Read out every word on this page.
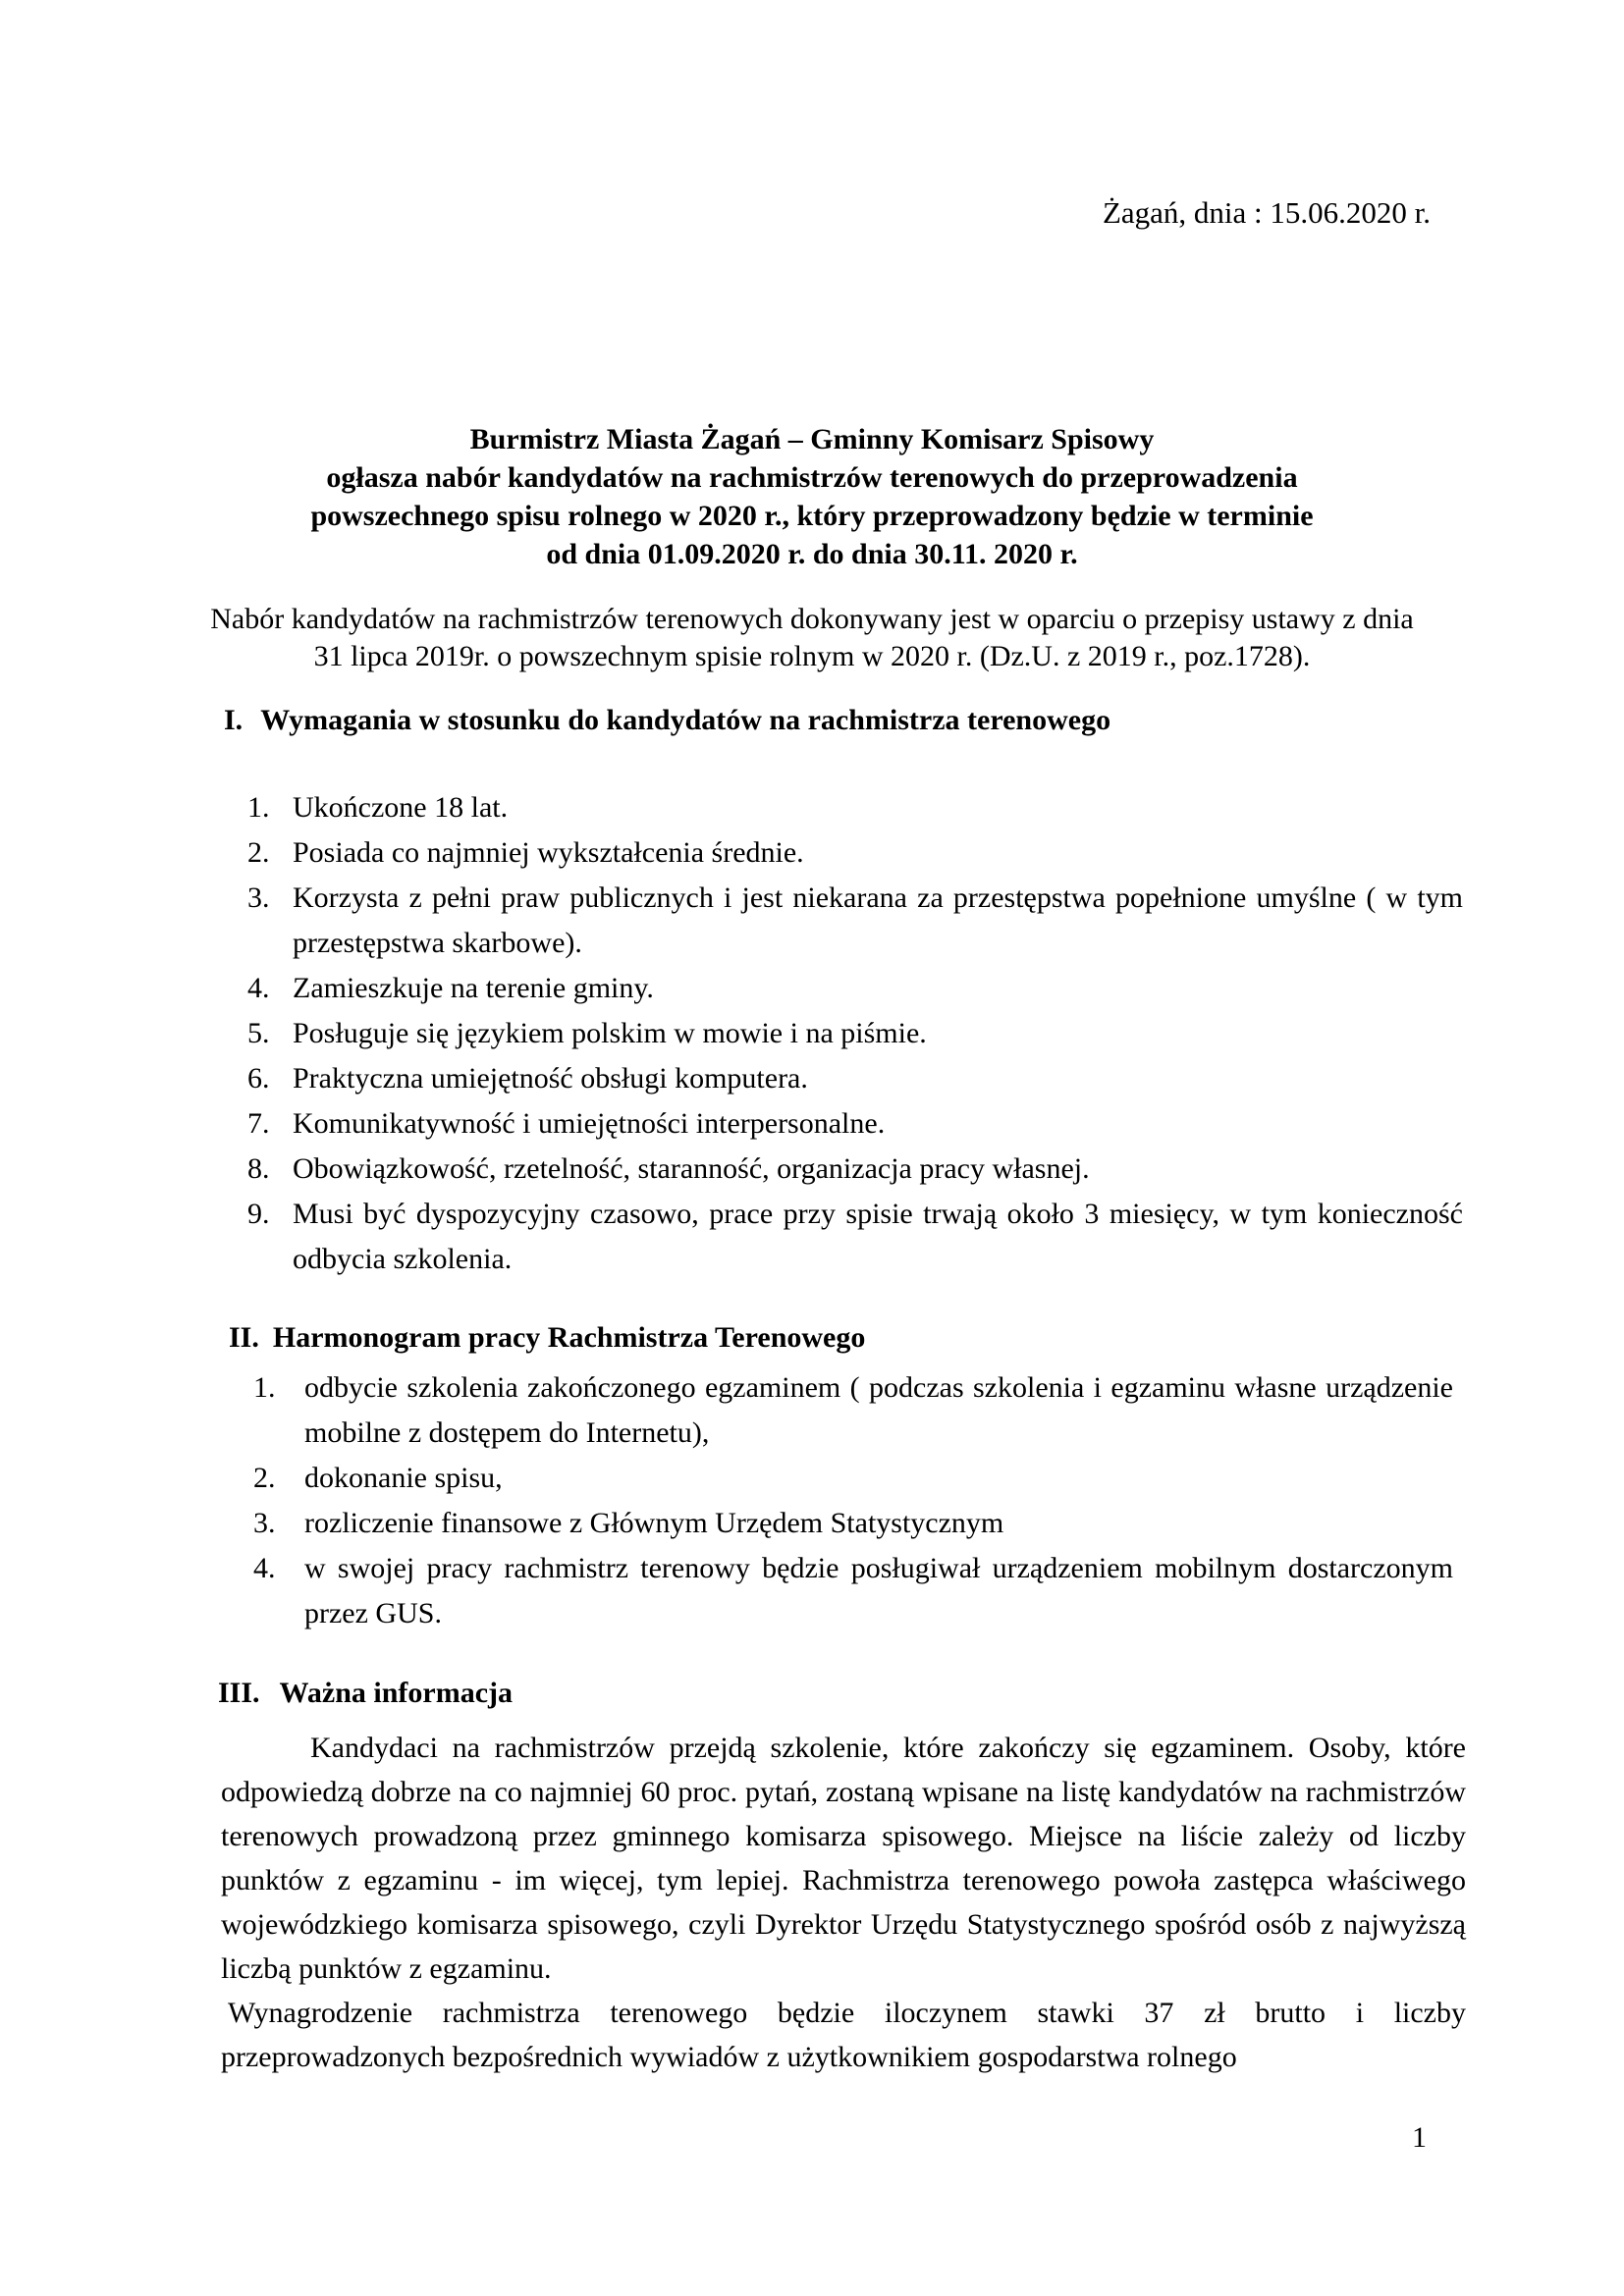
Żagań, dnia : 15.06.2020 r.
Burmistrz Miasta Żagań – Gminny Komisarz Spisowy
ogłasza nabór kandydatów na rachmistrzów terenowych do przeprowadzenia
powszechnego spisu rolnego w 2020 r., który przeprowadzony będzie w terminie
od dnia 01.09.2020 r. do dnia 30.11. 2020 r.
Nabór kandydatów na rachmistrzów terenowych dokonywany jest w oparciu o przepisy ustawy z dnia
31 lipca 2019r. o powszechnym spisie rolnym w 2020 r. (Dz.U. z 2019 r., poz.1728).
I. Wymagania w stosunku do kandydatów na rachmistrza terenowego
1. Ukończone 18 lat.
2. Posiada co najmniej wykształcenia średnie.
3. Korzysta z pełni praw publicznych i jest niekarana za przestępstwa popełnione umyślne ( w tym przestępstwa skarbowe).
4. Zamieszkuje na terenie gminy.
5. Posługuje się językiem polskim w mowie i na piśmie.
6. Praktyczna umiejętność obsługi komputera.
7. Komunikatywność i umiejętności interpersonalne.
8. Obowiązkowość, rzetelność, staranność, organizacja pracy własnej.
9. Musi być dyspozycyjny czasowo, prace przy spisie trwają około 3 miesięcy, w tym konieczność odbycia szkolenia.
II. Harmonogram pracy Rachmistrza Terenowego
1. odbycie szkolenia zakończonego egzaminem ( podczas szkolenia i egzaminu własne urządzenie mobilne z dostępem do Internetu),
2. dokonanie spisu,
3. rozliczenie finansowe z Głównym Urzędem Statystycznym
4. w swojej pracy rachmistrz terenowy będzie posługiwał urządzeniem mobilnym dostarczonym przez GUS.
III. Ważna informacja
Kandydaci na rachmistrzów przejdą szkolenie, które zakończy się egzaminem. Osoby, które odpowiedzą dobrze na co najmniej 60 proc. pytań, zostaną wpisane na listę kandydatów na rachmistrzów terenowych prowadzoną przez gminnego komisarza spisowego. Miejsce na liście zależy od liczby punktów z egzaminu - im więcej, tym lepiej. Rachmistrza terenowego powoła zastępca właściwego wojewódzkiego komisarza spisowego, czyli Dyrektor Urzędu Statystycznego spośród osób z najwyższą liczbą punktów z egzaminu.
Wynagrodzenie rachmistrza terenowego będzie iloczynem stawki 37 zł brutto i liczby przeprowadzonych bezpośrednich wywiadów z użytkownikiem gospodarstwa rolnego
1
